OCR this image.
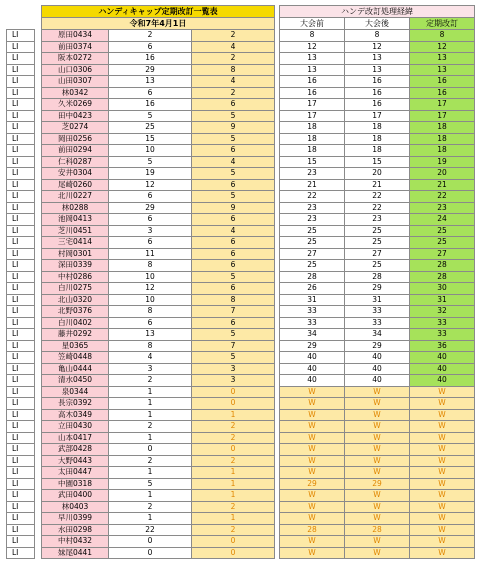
		ハンディキャップ定期改訂一覧表				ハンデ改訂処理経緯		
		令和7年4月1日				大会前	大会後	定期改訂
LI		原田0434	2	2		8	8	8
LI		前田0374	6	4		12	12	12
LI		阪本0272	16	2		13	13	13
LI		山口0306	29	8		13	13	13
LI		山田0307	13	4		16	16	16
LI		林0342	6	2		16	16	16
LI		久米0269	16	6		17	16	17
LI		田中0423	5	5		17	17	17
LI		芝0274	25	9		18	18	18
LI		岡田0256	15	5		18	18	18
LI		前田0294	10	6		18	18	18
LI		仁科0287	5	4		15	15	19
LI		安井0304	19	5		23	20	20
LI		尾崎0260	12	6		21	21	21
LI		北川0227	6	5		22	22	22
LI		林0288	29	9		23	22	23
LI		池岡0413	6	6		23	23	24
LI		芝川0451	3	4		25	25	25
LI		三宅0414	6	6		25	25	25
LI		村岡0301	11	6		27	27	27
LI		深田0339	8	6		25	25	28
LI		中村0286	10	5		28	28	28
LI		白川0275	12	6		26	29	30
LI		北山0320	10	8		31	31	31
LI		北野0376	8	7		33	33	32
LI		白川0402	6	6		33	33	33
LI		藤井0292	13	5		34	34	33
LI		星0365	8	7		29	29	36
LI		笠崎0448	4	5		40	40	40
LI		亀山0444	3	3		40	40	40
LI		清水0450	2	3		40	40	40
LI		泉0344	1	0		W	W	W
LI		長宗0392	1	0		W	W	W
LI		高木0349	1	1		W	W	W
LI		立田0430	2	2		W	W	W
LI		山本0417	1	2		W	W	W
LI		武部0428	0	0		W	W	W
LI		大野0443	2	2		W	W	W
LI		太田0447	1	1		W	W	W
LI		中園0318	5	1		29	29	W
LI		武田0400	1	1		W	W	W
LI		林0403	2	2		W	W	W
LI		早川0399	1	1		W	W	W
LI		水田0298	22	2		28	28	W
LI		中村0432	0	0		W	W	W
LI		妹尾0441	0	0		W	W	W
